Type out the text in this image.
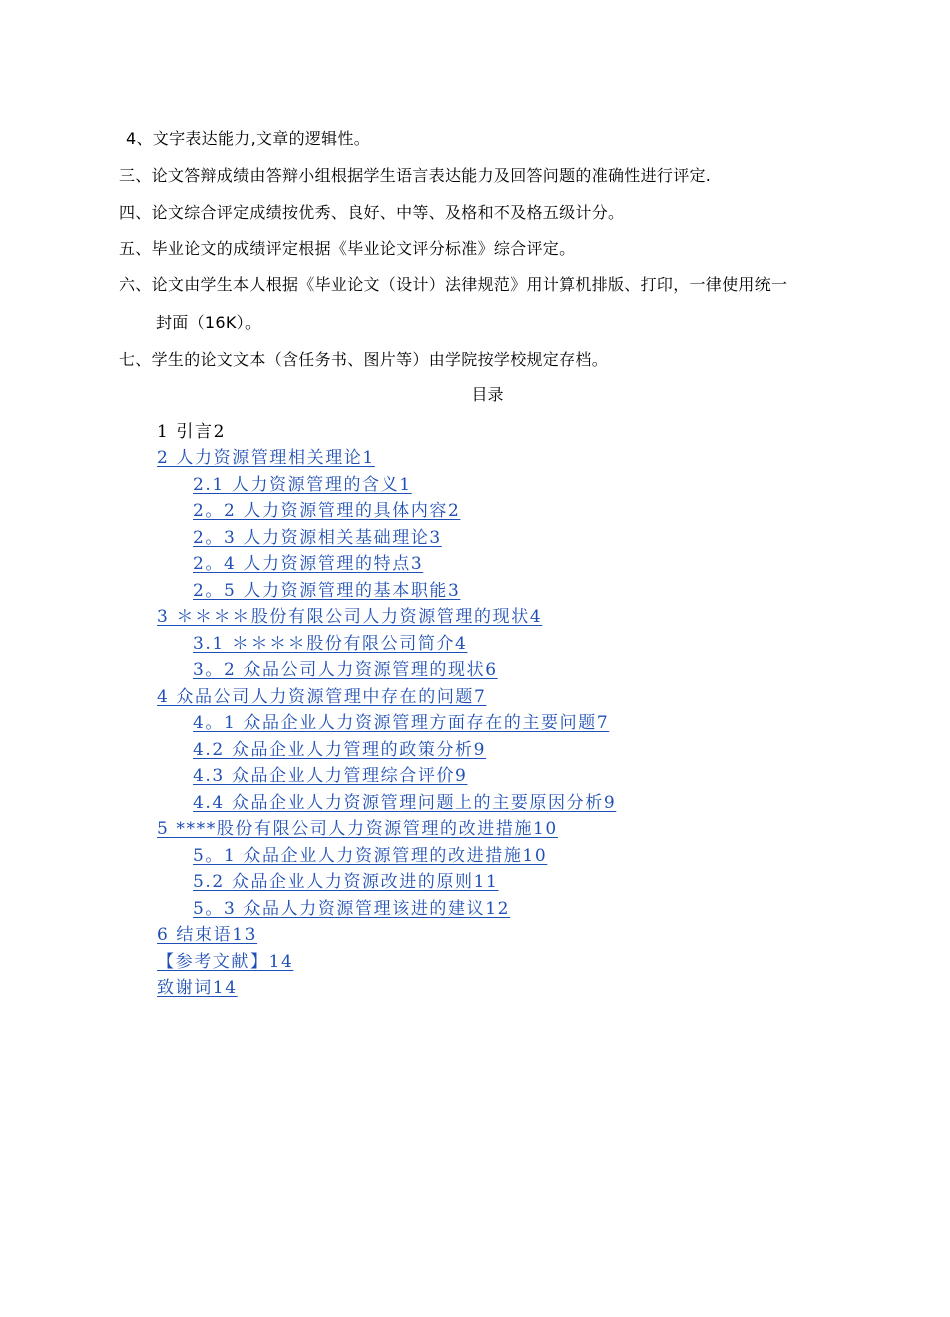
4、文字表达能力,文章的逻辑性。
三、论文答辩成绩由答辩小组根据学生语言表达能力及回答问题的准确性进行评定.
四、论文综合评定成绩按优秀、良好、中等、及格和不及格五级计分。
五、毕业论文的成绩评定根据《毕业论文评分标准》综合评定。
六、论文由学生本人根据《毕业论文（设计）法律规范》用计算机排版、打印，一律使用统一
封面（16K）。
七、学生的论文文本（含任务书、图片等）由学院按学校规定存档。
目录
1 引言2
2 人力资源管理相关理论1
2.1 人力资源管理的含义1
2。2 人力资源管理的具体内容2
2。3 人力资源相关基础理论3
2。4 人力资源管理的特点3
2。5 人力资源管理的基本职能3
3 ＊＊＊＊股份有限公司人力资源管理的现状4
3.1 ＊＊＊＊股份有限公司简介4
3。2 众品公司人力资源管理的现状6
4 众品公司人力资源管理中存在的问题7
4。1 众品企业人力资源管理方面存在的主要问题7
4.2 众品企业人力管理的政策分析9
4.3 众品企业人力管理综合评价9
4.4 众品企业人力资源管理问题上的主要原因分析9
5 ****股份有限公司人力资源管理的改进措施10
5。1 众品企业人力资源管理的改进措施10
5.2 众品企业人力资源改进的原则11
5。3 众品人力资源管理该进的建议12
6 结束语13
【参考文献】14
致谢词14
